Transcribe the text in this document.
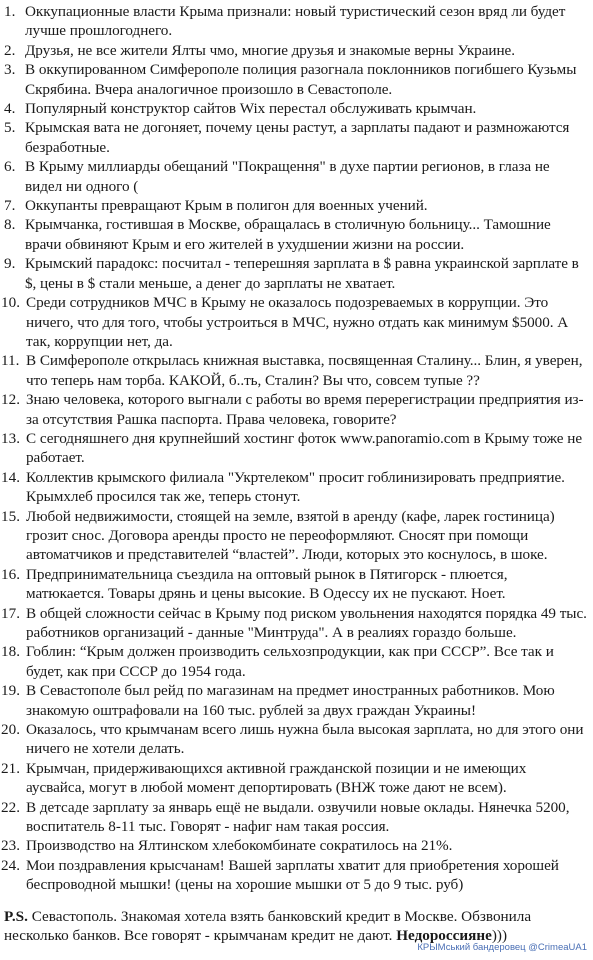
1. Оккупационные власти Крыма признали: новый туристический сезон вряд ли будет лучше прошлогоднего.
2. Друзья, не все жители Ялты чмо, многие друзья и знакомые верны Украине.
3. В оккупированном Симферополе полиция разогнала поклонников погибшего Кузьмы Скрябина. Вчера аналогичное произошло в Севастополе.
4. Популярный конструктор сайтов Wix перестал обслуживать крымчан.
5. Крымская вата не догоняет, почему цены растут, а зарплаты падают и размножаются безработные.
6. В Крыму миллиарды обещаний "Покращення" в духе партии регионов, в глаза не видел ни одного (
7. Оккупанты превращают Крым в полигон для военных учений.
8. Крымчанка, гостившая в Москве, обращалась в столичную больницу... Тамошние врачи обвиняют Крым и его жителей в ухудшении жизни на россии.
9. Крымский парадокс: посчитал - теперешняя зарплата в $ равна украинской зарплате в $, цены в $ стали меньше, а денег до зарплаты не хватает.
10. Среди сотрудников МЧС в Крыму не оказалось подозреваемых в коррупции. Это ничего, что для того, чтобы устроиться в МЧС, нужно отдать как минимум $5000. А так, коррупции нет, да.
11. В Симферополе открылась книжная выставка, посвященная Сталину... Блин, я уверен, что теперь нам торба. КАКОЙ, б..ть, Сталин? Вы что, совсем тупые ??
12. Знаю человека, которого выгнали с работы во время перерегистрации предприятия из-за отсутствия Рашка паспорта. Права человека, говорите?
13. С сегодняшнего дня крупнейший хостинг фоток www.panoramio.com в Крыму тоже не работает.
14. Коллектив крымского филиала "Укртелеком" просит гоблинизировать предприятие. Крымхлеб просился так же, теперь стонут.
15. Любой недвижимости, стоящей на земле, взятой в аренду (кафе, ларек гостиница) грозит снос. Договора аренды просто не переоформляют. Сносят при помощи автоматчиков и представителей “властей”. Люди, которых это коснулось, в шоке.
16. Предпринимательница съездила на оптовый рынок в Пятигорск - плюется, матюкается. Товары дрянь и цены высокие. В Одессу их не пускают. Ноет.
17. В общей сложности сейчас в Крыму под риском увольнения находятся порядка 49 тыс. работников организаций - данные "Минтруда". А в реалиях гораздо больше.
18. Гоблин: “Крым должен производить сельхозпродукции, как при СССР”. Все так и будет, как при СССР до 1954 года.
19. В Севастополе был рейд по магазинам на предмет иностранных работников. Мою знакомую оштрафовали на 160 тыс. рублей за двух граждан Украины!
20. Оказалось, что крымчанам всего лишь нужна была высокая зарплата, но для этого они ничего не хотели делать.
21. Крымчан, придерживающихся активной гражданской позиции и не имеющих аусвайса, могут в любой момент депортировать (ВНЖ тоже дают не всем).
22. В детсаде зарплату за январь ещё не выдали. озвучили новые оклады. Нянечка 5200, воспитатель 8-11 тыс. Говорят - нафиг нам такая россия.
23. Производство на Ялтинском хлебокомбинате сократилось на 21%.
24. Мои поздравления крысчанам! Вашей зарплаты хватит для приобретения хорошей беспроводной мышки! (цены на хорошие мышки от 5 до 9 тыс. руб)
P.S. Севастополь. Знакомая хотела взять банковский кредит в Москве. Обзвонила несколько банков. Все говорят - крымчанам кредит не дают. Недороссияне)))
КРЫМський бандеровец @CrimeaUA1
